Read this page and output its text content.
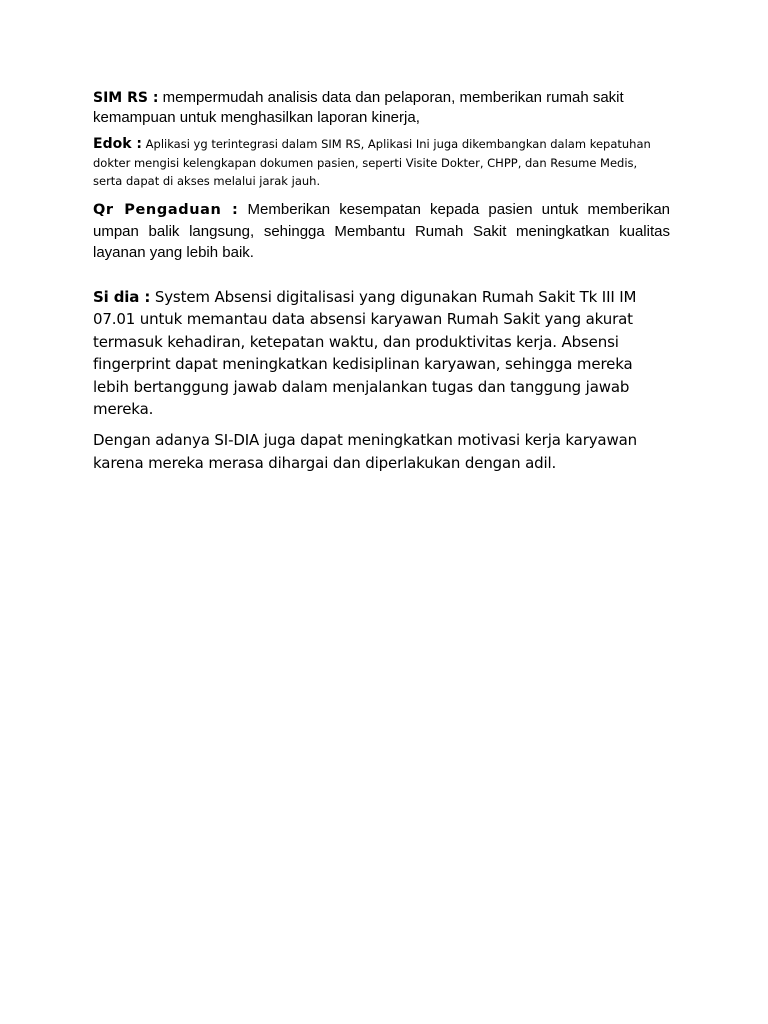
SIM RS : mempermudah analisis data dan pelaporan, memberikan rumah sakit kemampuan untuk menghasilkan laporan kinerja,

Edok : Aplikasi yg terintegrasi dalam SIM RS, Aplikasi Ini juga dikembangkan dalam kepatuhan dokter mengisi kelengkapan dokumen pasien, seperti Visite Dokter, CHPP, dan Resume Medis, serta dapat di akses melalui jarak jauh.

Qr Pengaduan : Memberikan kesempatan kepada pasien untuk memberikan umpan balik langsung, sehingga Membantu Rumah Sakit meningkatkan kualitas layanan yang lebih baik.

Si dia : System Absensi digitalisasi yang digunakan Rumah Sakit Tk III IM 07.01 untuk memantau data absensi karyawan Rumah Sakit yang akurat termasuk kehadiran, ketepatan waktu, dan produktivitas kerja. Absensi fingerprint dapat meningkatkan kedisiplinan karyawan, sehingga mereka lebih bertanggung jawab dalam menjalankan tugas dan tanggung jawab mereka.

Dengan adanya SI-DIA juga dapat meningkatkan motivasi kerja karyawan karena mereka merasa dihargai dan diperlakukan dengan adil.
